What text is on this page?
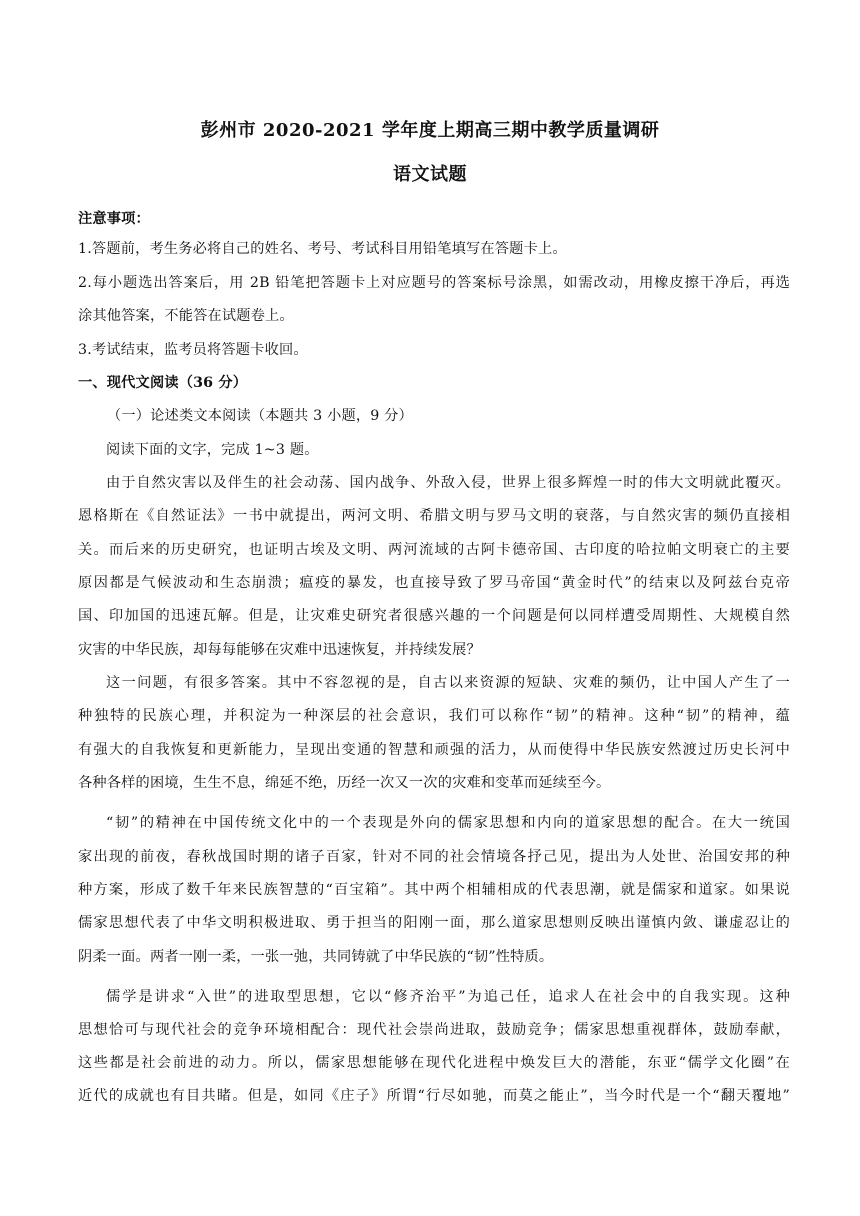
彭州市 2020-2021 学年度上期高三期中教学质量调研
语文试题
注意事项：
1.答题前，考生务必将自己的姓名、考号、考试科目用铅笔填写在答题卡上。
2.每小题选出答案后，用 2B 铅笔把答题卡上对应题号的答案标号涂黑，如需改动，用橡皮擦干净后，再选
涂其他答案，不能答在试题卷上。
3.考试结束，监考员将答题卡收回。
一、现代文阅读（36 分）
（一）论述类文本阅读（本题共 3 小题，9 分）
阅读下面的文字，完成 1~3 题。
由于自然灾害以及伴生的社会动荡、国内战争、外敌入侵，世界上很多辉煌一时的伟大文明就此覆灭。
恩格斯在《自然证法》一书中就提出，两河文明、希腊文明与罗马文明的衰落，与自然灾害的频仍直接相
关。而后来的历史研究，也证明古埃及文明、两河流域的古阿卡德帝国、古印度的哈拉帕文明衰亡的主要
原因都是气候波动和生态崩溃；瘟疫的暴发，也直接导致了罗马帝国“黄金时代”的结束以及阿兹台克帝
国、印加国的迅速瓦解。但是，让灾难史研究者很感兴趣的一个问题是何以同样遭受周期性、大规模自然
灾害的中华民族，却每每能够在灾难中迅速恢复，并持续发展？
这一问题，有很多答案。其中不容忽视的是，自古以来资源的短缺、灾难的频仍，让中国人产生了一
种独特的民族心理，并积淀为一种深层的社会意识，我们可以称作“韧”的精神。这种“韧”的精神，蕴
有强大的自我恢复和更新能力，呈现出变通的智慧和顽强的活力，从而使得中华民族安然渡过历史长河中
各种各样的困境，生生不息，绵延不绝，历经一次又一次的灾难和变革而延续至今。
“韧”的精神在中国传统文化中的一个表现是外向的儒家思想和内向的道家思想的配合。在大一统国
家出现的前夜，春秋战国时期的诸子百家，针对不同的社会情境各抒己见，提出为人处世、治国安邦的种
种方案，形成了数千年来民族智慧的“百宝箱”。其中两个相辅相成的代表思潮，就是儒家和道家。如果说
儒家思想代表了中华文明积极进取、勇于担当的阳刚一面，那么道家思想则反映出谨慎内敛、谦虚忍让的
阴柔一面。两者一刚一柔，一张一弛，共同铸就了中华民族的“韧”性特质。
儒学是讲求“入世”的进取型思想，它以“修齐治平”为追己任，追求人在社会中的自我实现。这种
思想恰可与现代社会的竞争环境相配合：现代社会崇尚进取，鼓励竞争；儒家思想重视群体，鼓励奉献，
这些都是社会前进的动力。所以，儒家思想能够在现代化进程中焕发巨大的潜能，东亚“儒学文化圈”在
近代的成就也有目共睹。但是，如同《庄子》所谓“行尽如驰，而莫之能止”，当今时代是一个“翻天覆地”
